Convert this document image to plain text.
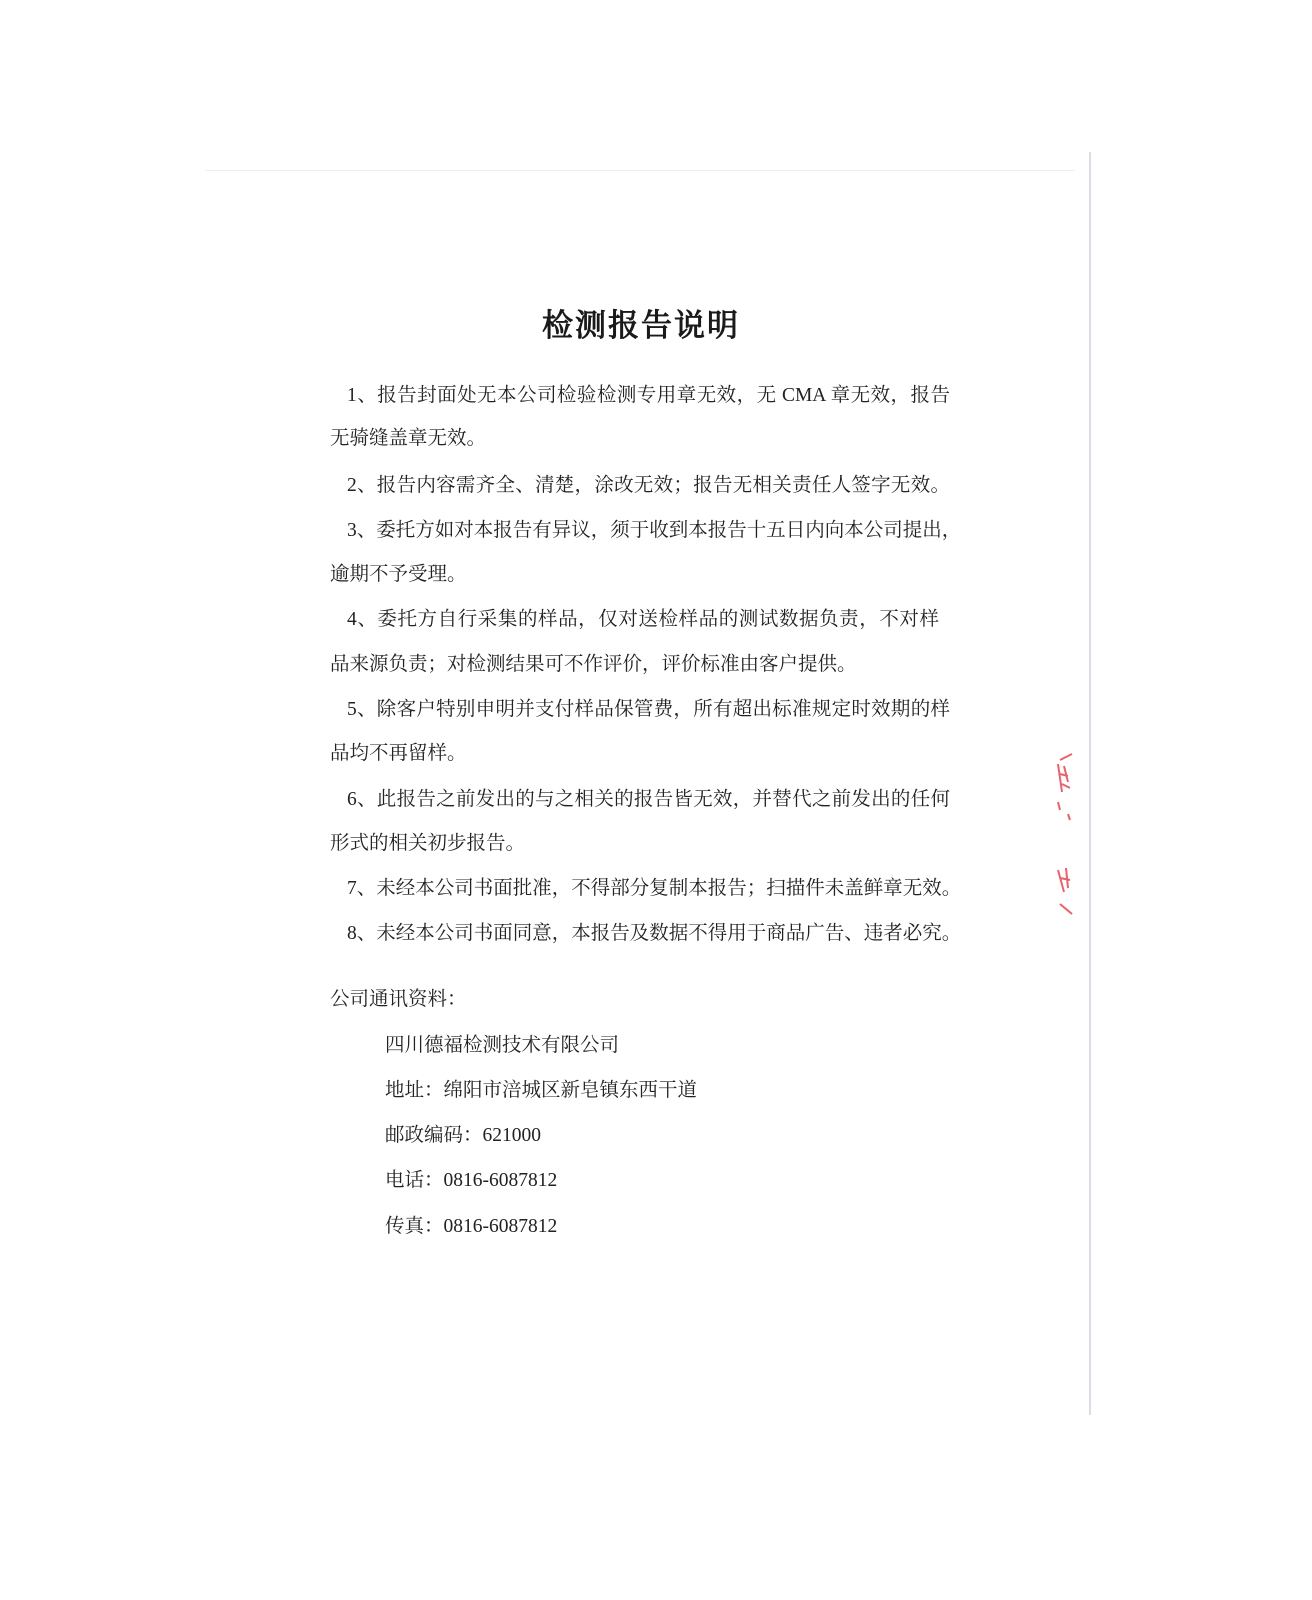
检测报告说明
1、报告封面处无本公司检验检测专用章无效，无 CMA 章无效，报告
无骑缝盖章无效。
2、报告内容需齐全、清楚，涂改无效；报告无相关责任人签字无效。
3、委托方如对本报告有异议，须于收到本报告十五日内向本公司提出，
逾期不予受理。
4、委托方自行采集的样品，仅对送检样品的测试数据负责，不对样
品来源负责；对检测结果可不作评价，评价标准由客户提供。
5、除客户特别申明并支付样品保管费，所有超出标准规定时效期的样
品均不再留样。
6、此报告之前发出的与之相关的报告皆无效，并替代之前发出的任何
形式的相关初步报告。
7、未经本公司书面批准，不得部分复制本报告；扫描件未盖鲜章无效。
8、未经本公司书面同意，本报告及数据不得用于商品广告、违者必究。
公司通讯资料：
四川德福检测技术有限公司
地址：绵阳市涪城区新皂镇东西干道
邮政编码：621000
电话：0816-6087812
传真：0816-6087812
